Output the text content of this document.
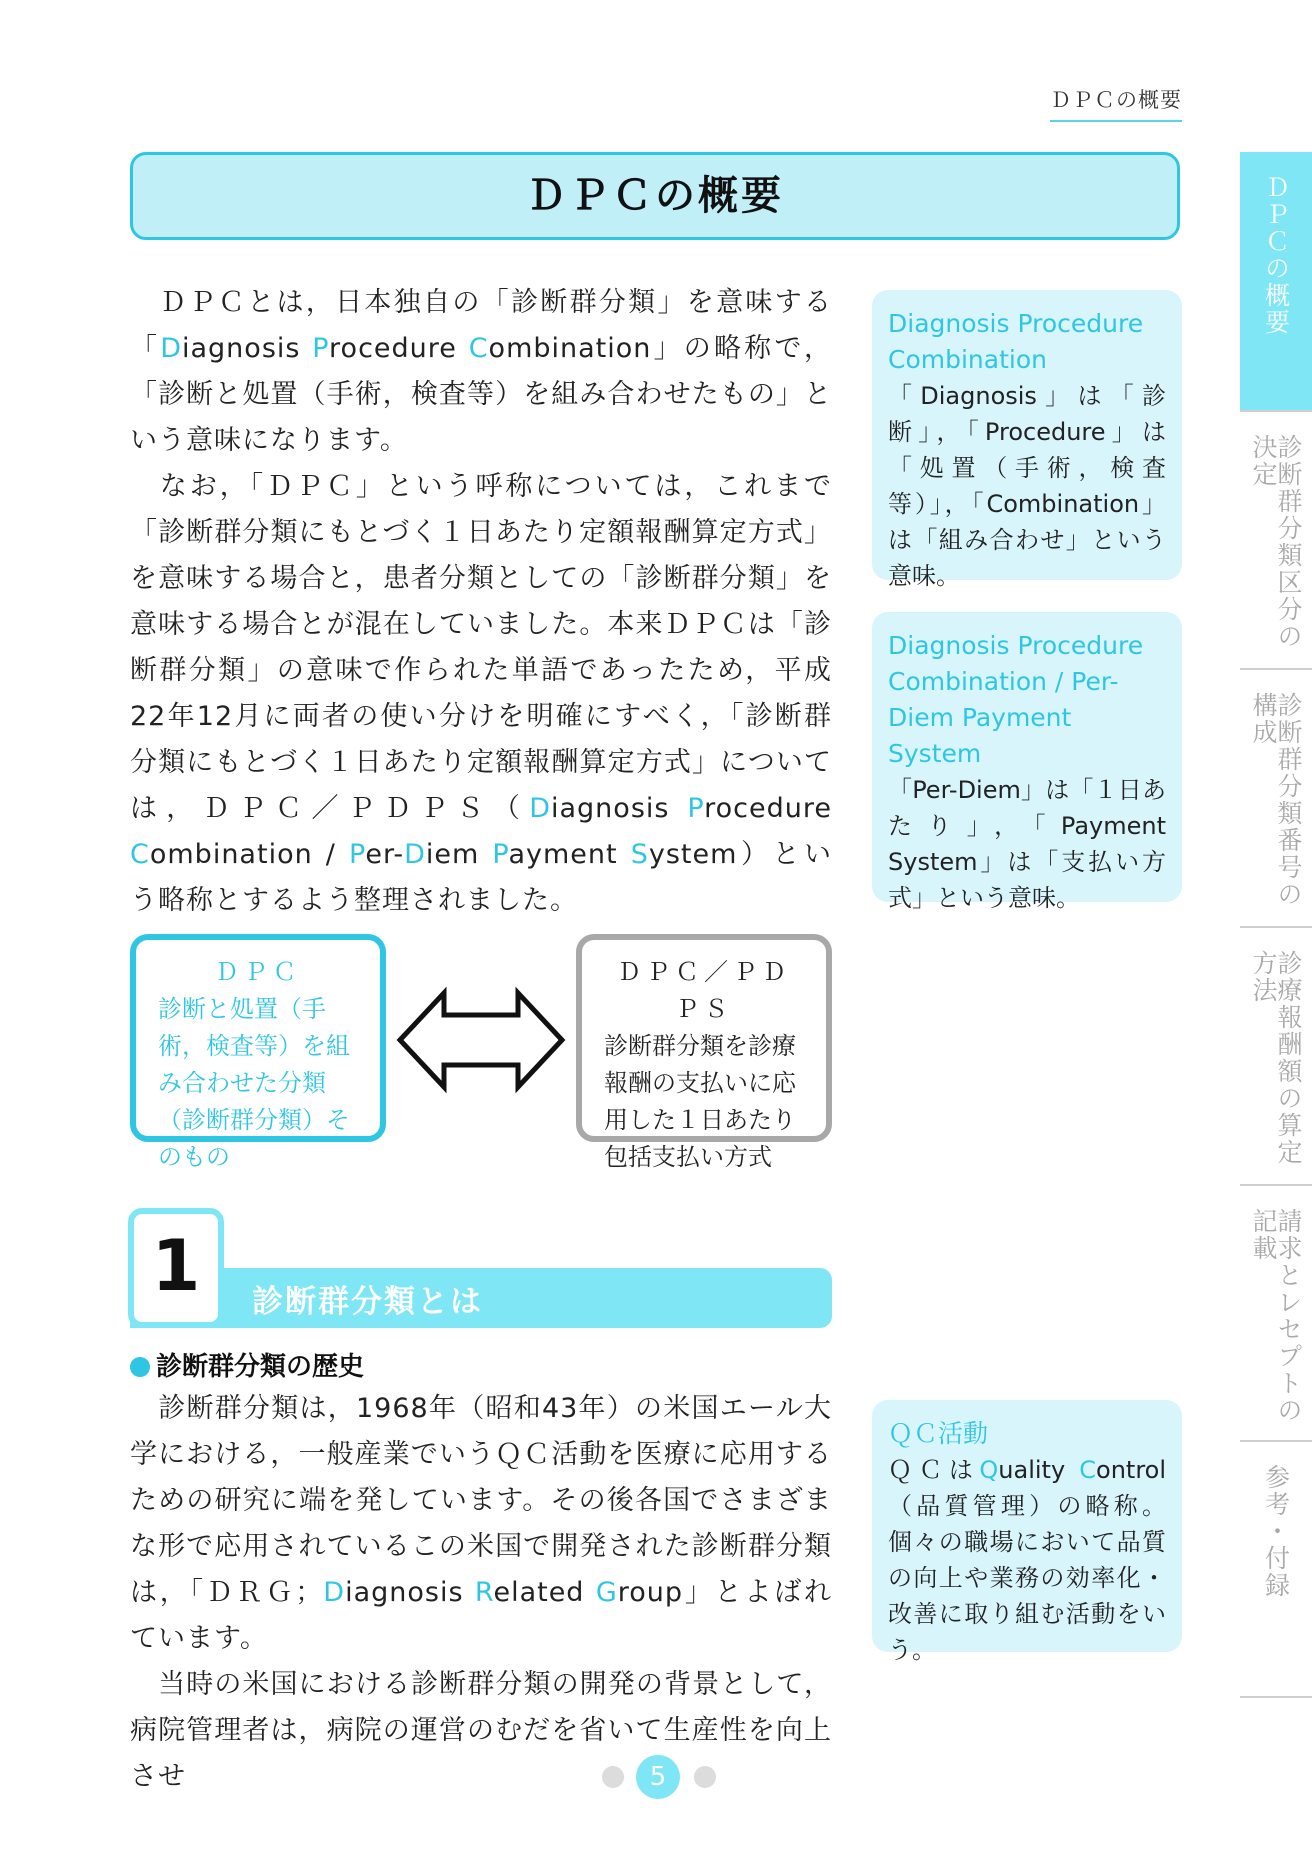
ＤＰＣの概要
ＤＰＣの概要	ＤＰＣの概要
診断群分類区分の決定
診断群分類番号の構成
診療報酬額の算定方法
請求とレセプトの記載
参考・付録

ＤＰＣとは，日本独自の「診断群分類」を意味する「Diagnosis Procedure Combination」の略称で，「診断と処置（手術，検査等）を組み合わせたもの」という意味になります。

なお，「ＤＰＣ」という呼称については，これまで「診断群分類にもとづく１日あたり定額報酬算定方式」を意味する場合と，患者分類としての「診断群分類」を意味する場合とが混在していました。本来ＤＰＣは「診断群分類」の意味で作られた単語であったため，平成22年12月に両者の使い分けを明確にすべく，「診断群分類にもとづく１日あたり定額報酬算定方式」については，ＤＰＣ／ＰＤＰＳ（Diagnosis Procedure Combination / Per-Diem Payment System）という略称とするよう整理されました。

Diagnosis Procedure Combination
「Diagnosis」は「診断」，「Procedure」は「処置（手術，検査等）」，「Combination」は「組み合わせ」という意味。
Diagnosis Procedure Combination / Per-Diem Payment System
「Per-Diem」は「１日あたり」，「Payment System」は「支払い方式」という意味。
ＤＰＣ
診断と処置（手術，検査等）を組み合わせた分類（診断群分類）そのもの
ＤＰＣ／ＰＤＰＳ
診断群分類を診療報酬の支払いに応用した１日あたり包括支払い方式
1	診断群分類とは
診断群分類の歴史

診断群分類は，1968年（昭和43年）の米国エール大学における，一般産業でいうＱＣ活動を医療に応用するための研究に端を発しています。その後各国でさまざまな形で応用されているこの米国で開発された診断群分類は，「ＤＲＧ；Diagnosis Related Group」とよばれています。

当時の米国における診断群分類の開発の背景として，病院管理者は，病院の運営のむだを省いて生産性を向上させ

ＱＣ活動
ＱＣはQuality Control（品質管理）の略称。個々の職場において品質の向上や業務の効率化・改善に取り組む活動をいう。
5
